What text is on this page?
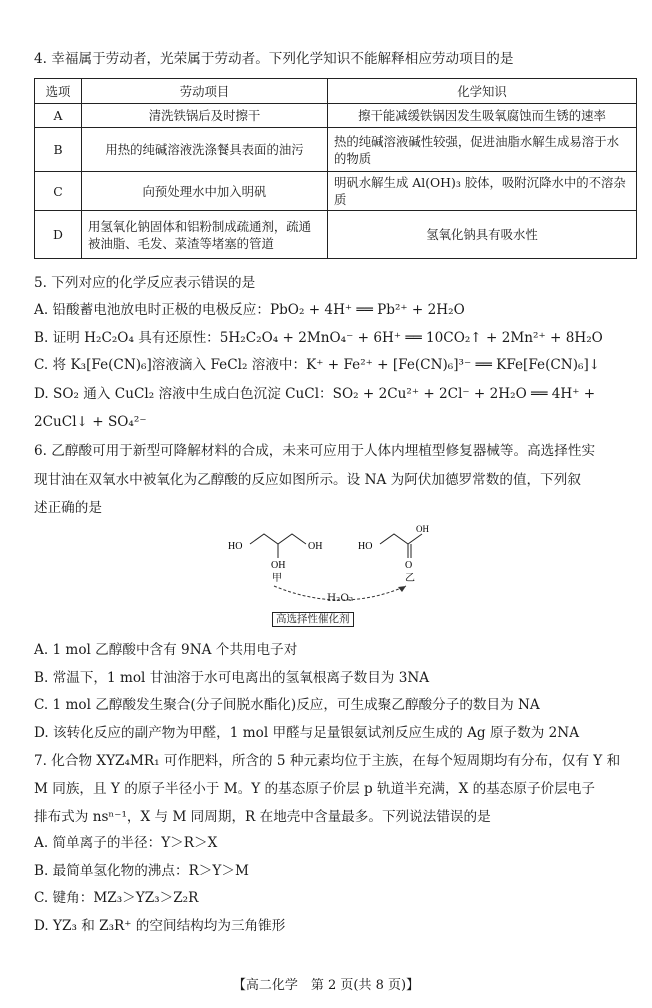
4. 幸福属于劳动者，光荣属于劳动者。下列化学知识不能解释相应劳动项目的是
选项	劳动项目	化学知识
A	清洗铁锅后及时擦干	擦干能减缓铁锅因发生吸氧腐蚀而生锈的速率
B	用热的纯碱溶液洗涤餐具表面的油污	热的纯碱溶液碱性较强，促进油脂水解生成易溶于水的物质
C	向预处理水中加入明矾	明矾水解生成 Al(OH)₃ 胶体，吸附沉降水中的不溶杂质
D	用氢氧化钠固体和铝粉制成疏通剂，疏通被油脂、毛发、菜渣等堵塞的管道	氢氧化钠具有吸水性
5. 下列对应的化学反应表示错误的是
A. 铅酸蓄电池放电时正极的电极反应：PbO₂ + 4H⁺ ══ Pb²⁺ + 2H₂O
B. 证明 H₂C₂O₄ 具有还原性：5H₂C₂O₄ + 2MnO₄⁻ + 6H⁺ ══ 10CO₂↑ + 2Mn²⁺ + 8H₂O
C. 将 K₃[Fe(CN)₆]溶液滴入 FeCl₂ 溶液中：K⁺ + Fe²⁺ + [Fe(CN)₆]³⁻ ══ KFe[Fe(CN)₆]↓
D. SO₂ 通入 CuCl₂ 溶液中生成白色沉淀 CuCl：SO₂ + 2Cu²⁺ + 2Cl⁻ + 2H₂O ══ 4H⁺ +
2CuCl↓ + SO₄²⁻
6. 乙醇酸可用于新型可降解材料的合成，未来可应用于人体内埋植型修复器械等。高选择性实
现甘油在双氧水中被氧化为乙醇酸的反应如图所示。设 NA 为阿伏加德罗常数的值，下列叙
述正确的是
HO	OH
OH
甲
HO
OH
O
乙
H₂O₂
高选择性催化剂
A. 1 mol 乙醇酸中含有 9NA 个共用电子对
B. 常温下，1 mol 甘油溶于水可电离出的氢氧根离子数目为 3NA
C. 1 mol 乙醇酸发生聚合(分子间脱水酯化)反应，可生成聚乙醇酸分子的数目为 NA
D. 该转化反应的副产物为甲醛，1 mol 甲醛与足量银氨试剂反应生成的 Ag 原子数为 2NA
7. 化合物 XYZ₄MR₁ 可作肥料，所含的 5 种元素均位于主族，在每个短周期均有分布，仅有 Y 和
M 同族，且 Y 的原子半径小于 M。Y 的基态原子价层 p 轨道半充满，X 的基态原子价层电子
排布式为 nsⁿ⁻¹，X 与 M 同周期，R 在地壳中含量最多。下列说法错误的是
A. 简单离子的半径：Y＞R＞X
B. 最简单氢化物的沸点：R＞Y＞M
C. 键角：MZ₃＞YZ₃＞Z₂R
D. YZ₃ 和 Z₃R⁺ 的空间结构均为三角锥形
【高二化学　第 2 页(共 8 页)】
